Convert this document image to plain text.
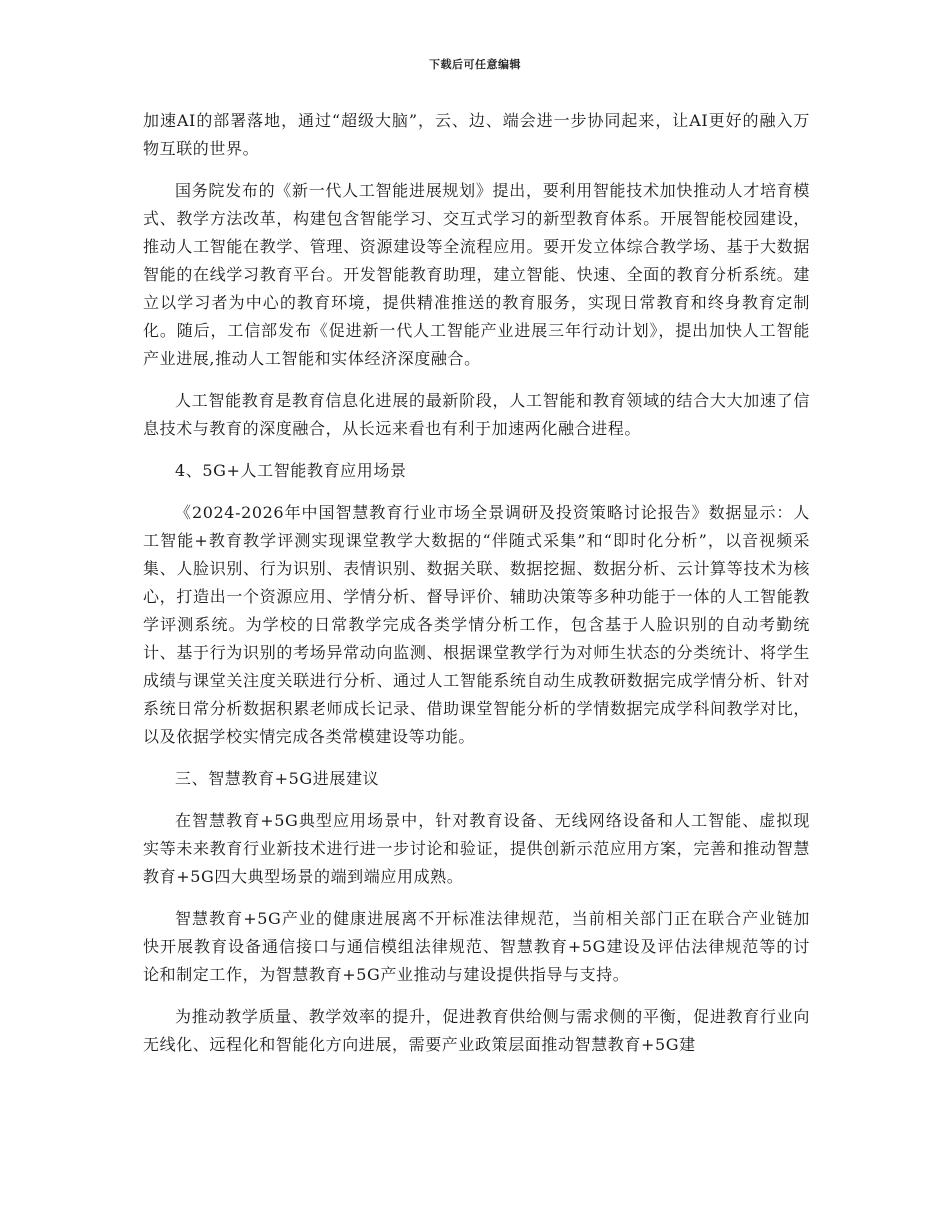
下载后可任意编辑

加速AI的部署落地，通过“超级大脑”，云、边、端会进一步协同起来，让AI更好的融入万物互联的世界。

国务院发布的《新一代人工智能进展规划》提出，要利用智能技术加快推动人才培育模式、教学方法改革，构建包含智能学习、交互式学习的新型教育体系。开展智能校园建设，推动人工智能在教学、管理、资源建设等全流程应用。要开发立体综合教学场、基于大数据智能的在线学习教育平台。开发智能教育助理，建立智能、快速、全面的教育分析系统。建立以学习者为中心的教育环境，提供精准推送的教育服务，实现日常教育和终身教育定制化。随后，工信部发布《促进新一代人工智能产业进展三年行动计划》，提出加快人工智能产业进展,推动人工智能和实体经济深度融合。

人工智能教育是教育信息化进展的最新阶段，人工智能和教育领域的结合大大加速了信息技术与教育的深度融合，从长远来看也有利于加速两化融合进程。

4、5G+人工智能教育应用场景

《2024-2026年中国智慧教育行业市场全景调研及投资策略讨论报告》数据显示：人工智能+教育教学评测实现课堂教学大数据的“伴随式采集”和“即时化分析”，以音视频采集、人脸识别、行为识别、表情识别、数据关联、数据挖掘、数据分析、云计算等技术为核心，打造出一个资源应用、学情分析、督导评价、辅助决策等多种功能于一体的人工智能教学评测系统。为学校的日常教学完成各类学情分析工作，包含基于人脸识别的自动考勤统计、基于行为识别的考场异常动向监测、根据课堂教学行为对师生状态的分类统计、将学生成绩与课堂关注度关联进行分析、通过人工智能系统自动生成教研数据完成学情分析、针对系统日常分析数据积累老师成长记录、借助课堂智能分析的学情数据完成学科间教学对比，以及依据学校实情完成各类常模建设等功能。

三、智慧教育+5G进展建议

在智慧教育+5G典型应用场景中，针对教育设备、无线网络设备和人工智能、虚拟现实等未来教育行业新技术进行进一步讨论和验证，提供创新示范应用方案，完善和推动智慧教育+5G四大典型场景的端到端应用成熟。

智慧教育+5G产业的健康进展离不开标准法律规范，当前相关部门正在联合产业链加快开展教育设备通信接口与通信模组法律规范、智慧教育+5G建设及评估法律规范等的讨论和制定工作，为智慧教育+5G产业推动与建设提供指导与支持。

为推动教学质量、教学效率的提升，促进教育供给侧与需求侧的平衡，促进教育行业向无线化、远程化和智能化方向进展，需要产业政策层面推动智慧教育+5G建
